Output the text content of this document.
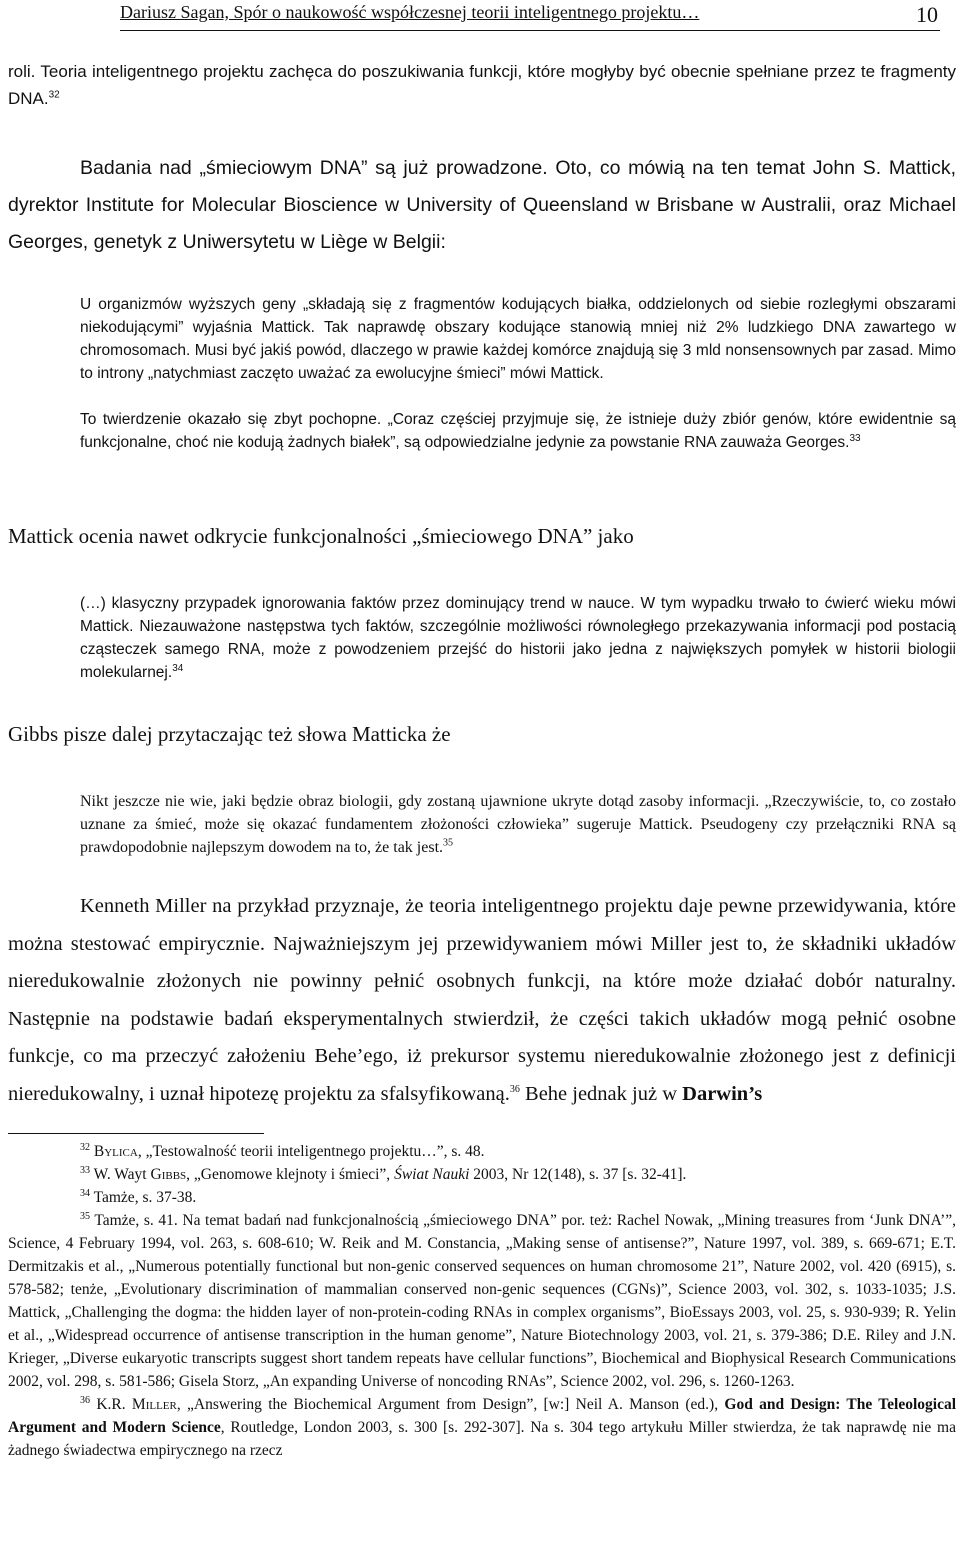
Dariusz Sagan, Spór o naukowość współczesnej teorii inteligentnego projektu…	10
roli. Teoria inteligentnego projektu zachęca do poszukiwania funkcji, które mogłyby być obecnie spełniane przez te fragmenty DNA.$^{32}$
Badania nad „śmieciowym DNA” są już prowadzone. Oto, co mówią na ten temat John S. Mattick, dyrektor Institute for Molecular Bioscience w University of Queensland w Brisbane w Australii, oraz Michael Georges, genetyk z Uniwersytetu w Liège w Belgii:

U organizmów wyższych geny „składają się z fragmentów kodujących białka, oddzielonych od siebie rozległymi obszarami niekodującymi” wyjaśnia Mattick. Tak naprawdę obszary kodujące stanowią mniej niż 2% ludzkiego DNA zawartego w chromosomach. Musi być jakiś powód, dlaczego w prawie każdej komórce znajdują się 3 mld nonsensownych par zasad. Mimo to introny „natychmiast zaczęto uważać za ewolucyjne śmieci” mówi Mattick.

To twierdzenie okazało się zbyt pochopne. „Coraz częściej przyjmuje się, że istnieje duży zbiór genów, które ewidentnie są funkcjonalne, choć nie kodują żadnych białek”, są odpowiedzialne jedynie za powstanie RNA zauważa Georges.$^{33}$

Mattick ocenia nawet odkrycie funkcjonalności „śmieciowego DNA” jako
(…) klasyczny przypadek ignorowania faktów przez dominujący trend w nauce. W tym wypadku trwało to ćwierć wieku mówi Mattick. Niezauważone następstwa tych faktów, szczególnie możliwości równoległego przekazywania informacji pod postacią cząsteczek samego RNA, może z powodzeniem przejść do historii jako jedna z największych pomyłek w historii biologii molekularnej.$^{34}$
Gibbs pisze dalej przytaczając też słowa Matticka że
Nikt jeszcze nie wie, jaki będzie obraz biologii, gdy zostaną ujawnione ukryte dotąd zasoby informacji. „Rzeczywiście, to, co zostało uznane za śmieć, może się okazać fundamentem złożoności człowieka” sugeruje Mattick. Pseudogeny czy przełączniki RNA są prawdopodobnie najlepszym dowodem na to, że tak jest.$^{35}$
Kenneth Miller na przykład przyznaje, że teoria inteligentnego projektu daje pewne przewidywania, które można stestować empirycznie. Najważniejszym jej przewidywaniem mówi Miller jest to, że składniki układów nieredukowalnie złożonych nie powinny pełnić osobnych funkcji, na które może działać dobór naturalny. Następnie na podstawie badań eksperymentalnych stwierdził, że części takich układów mogą pełnić osobne funkcje, co ma przeczyć założeniu Behe’ego, iż prekursor systemu nieredukowalnie złożonego jest z definicji nieredukowalny, i uznał hipotezę projektu za sfalsyfikowaną.$^{36}$ Behe jednak już w Darwin’s

$^{32}$ Bylica, „Testowalność teorii inteligentnego projektu…”, s. 48.

$^{33}$ W. Wayt Gibbs, „Genomowe klejnoty i śmieci”, Świat Nauki 2003, Nr 12(148), s. 37 [s. 32-41].

$^{34}$ Tamże, s. 37-38.

$^{35}$ Tamże, s. 41. Na temat badań nad funkcjonalnością „śmieciowego DNA” por. też: Rachel Nowak, „Mining treasures from ‘Junk DNA’”, Science, 4 February 1994, vol. 263, s. 608-610; W. Reik and M. Constancia, „Making sense of antisense?”, Nature 1997, vol. 389, s. 669-671; E.T. Dermitzakis et al., „Numerous potentially functional but non-genic conserved sequences on human chromosome 21”, Nature 2002, vol. 420 (6915), s. 578-582; tenże, „Evolutionary discrimination of mammalian conserved non-genic sequences (CGNs)”, Science 2003, vol. 302, s. 1033-1035; J.S. Mattick, „Challenging the dogma: the hidden layer of non-protein-coding RNAs in complex organisms”, BioEssays 2003, vol. 25, s. 930-939; R. Yelin et al., „Widespread occurrence of antisense transcription in the human genome”, Nature Biotechnology 2003, vol. 21, s. 379-386; D.E. Riley and J.N. Krieger, „Diverse eukaryotic transcripts suggest short tandem repeats have cellular functions”, Biochemical and Biophysical Research Communications 2002, vol. 298, s. 581-586; Gisela Storz, „An expanding Universe of noncoding RNAs”, Science 2002, vol. 296, s. 1260-1263.

$^{36}$ K.R. Miller, „Answering the Biochemical Argument from Design”, [w:] Neil A. Manson (ed.), God and Design: The Teleological Argument and Modern Science, Routledge, London 2003, s. 300 [s. 292-307]. Na s. 304 tego artykułu Miller stwierdza, że tak naprawdę nie ma żadnego świadectwa empirycznego na rzecz
